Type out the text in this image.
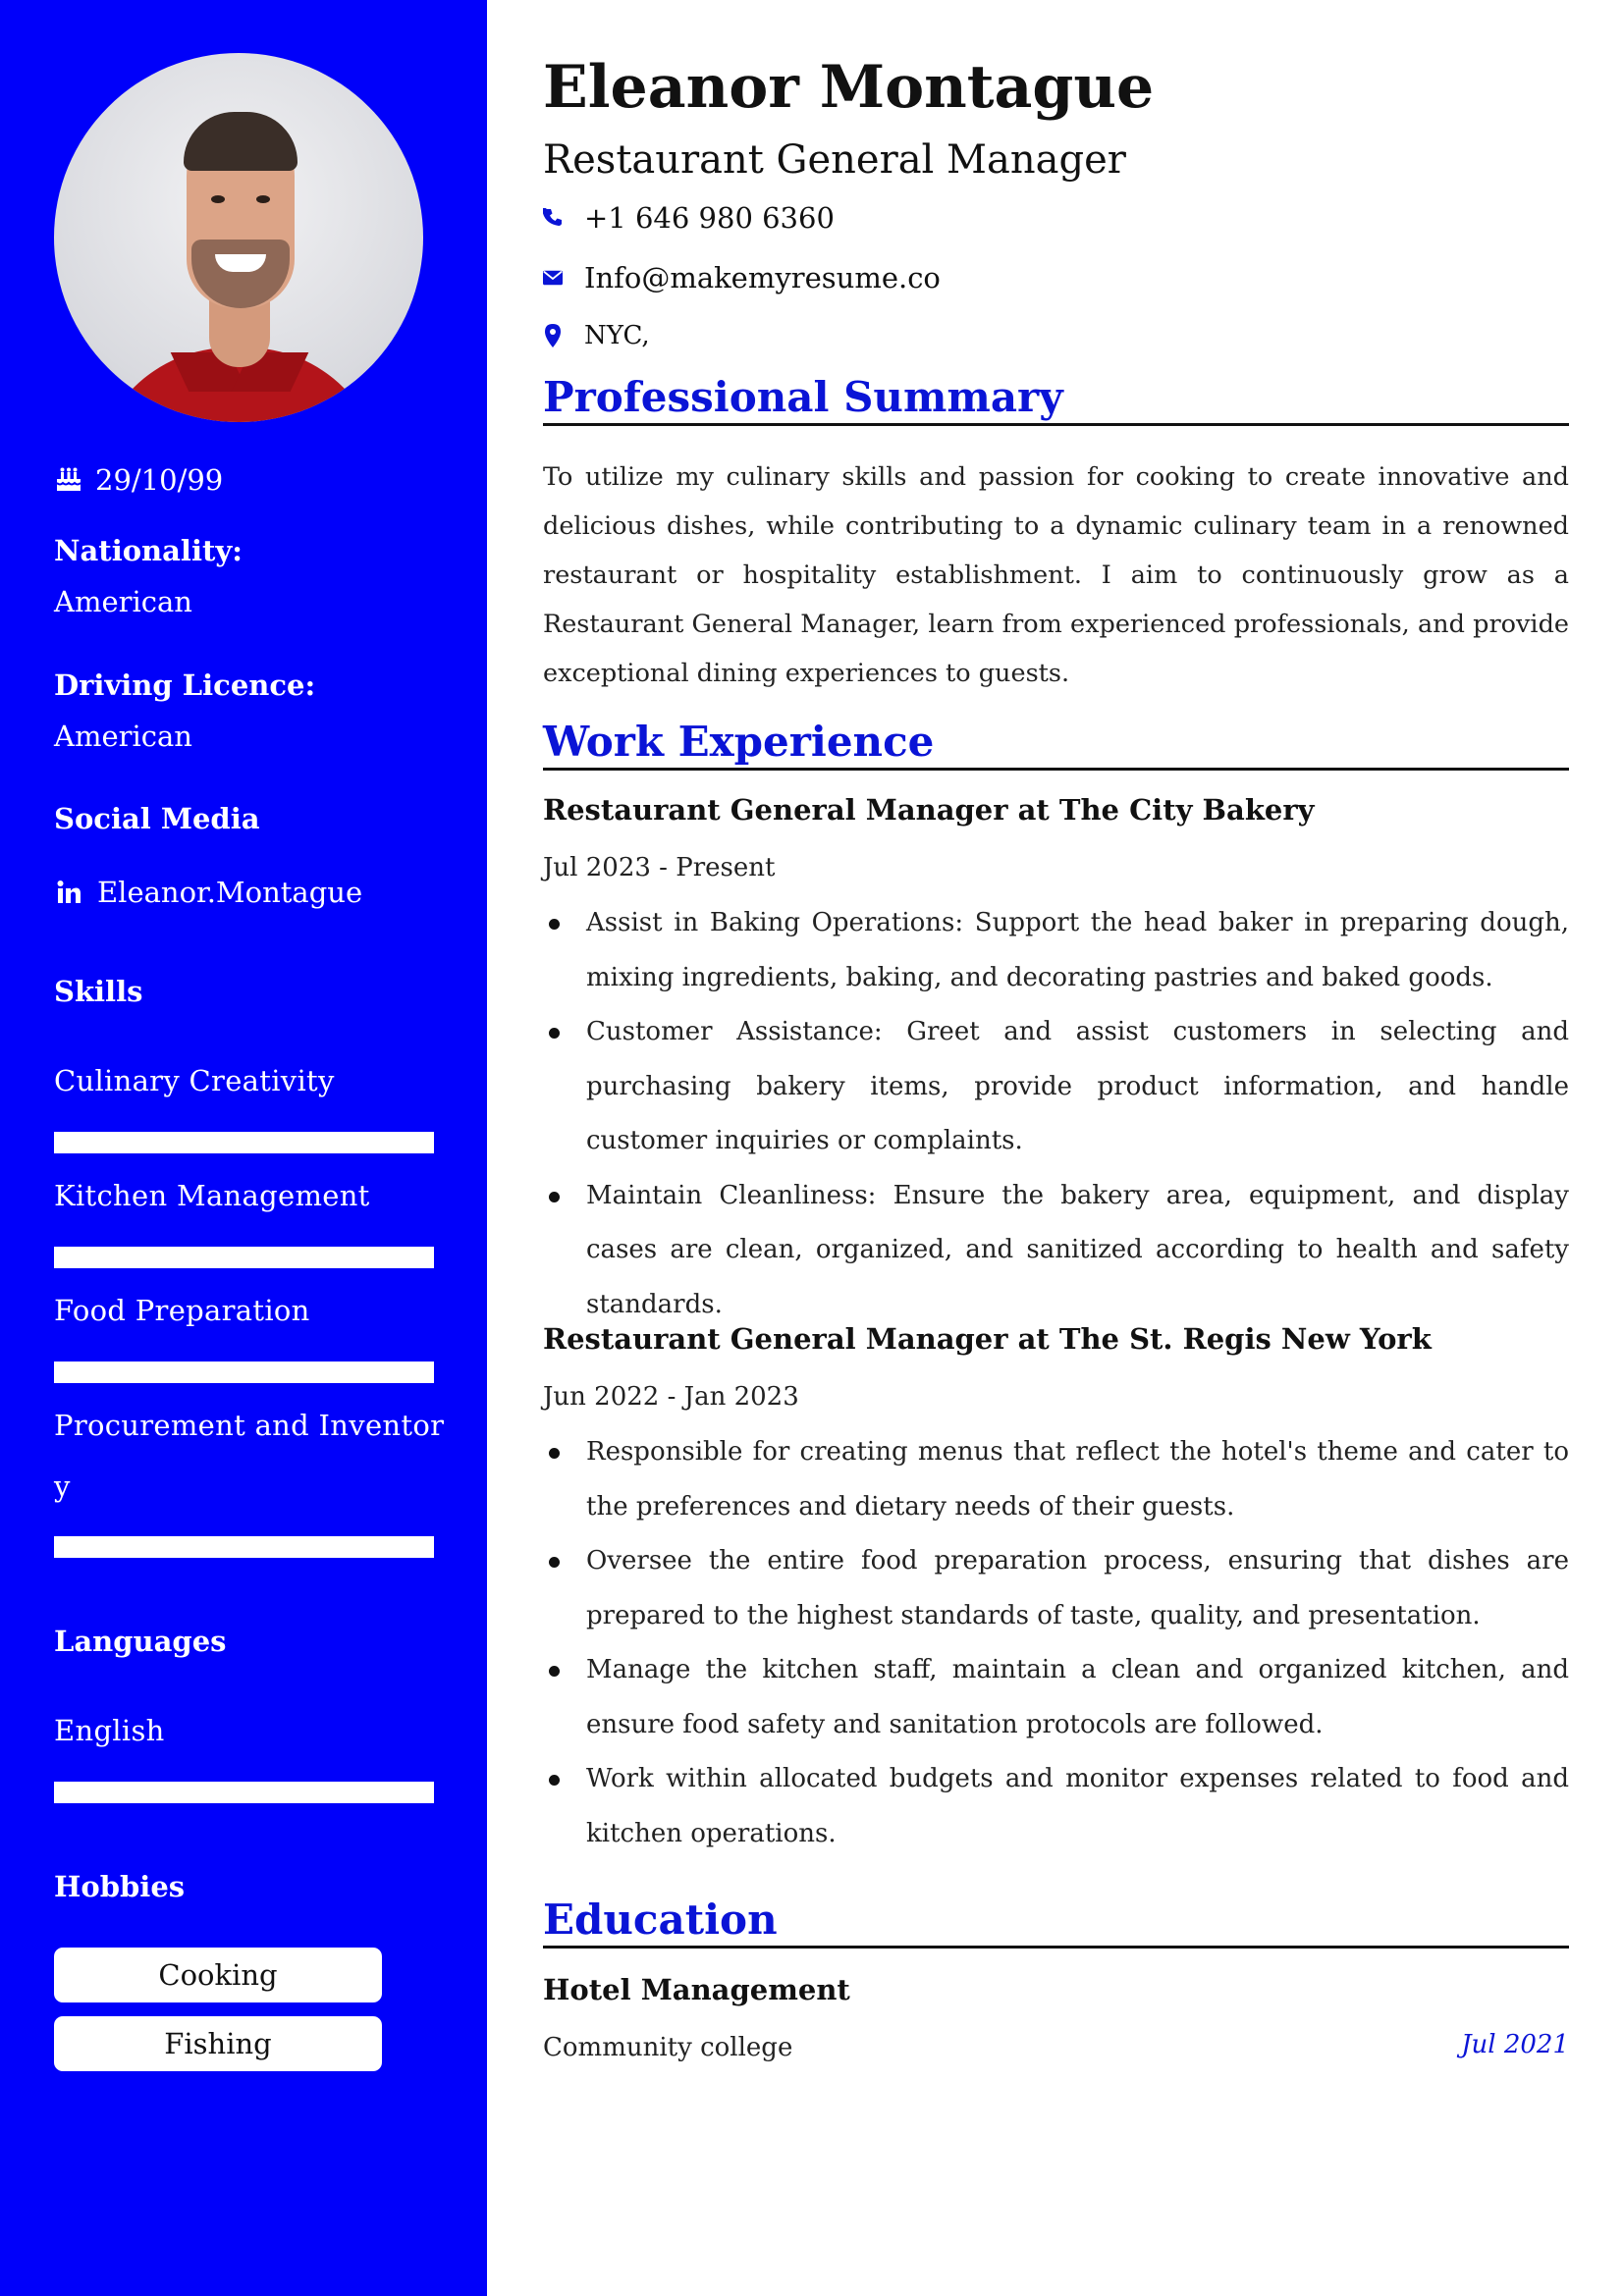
29/10/99
Nationality:
American
Driving Licence:
American
Social Media
Eleanor.Montague
Skills
Culinary Creativity
Kitchen Management
Food Preparation
Procurement and Inventor
y
Languages
English
Hobbies
Cooking
Fishing
Eleanor Montague
Restaurant General Manager
+1 646 980 6360
Info@makemyresume.co
NYC,
Professional Summary
To utilize my culinary skills and passion for cooking to create innovative and delicious dishes, while contributing to a dynamic culinary team in a renowned restaurant or hospitality establishment. I aim to continuously grow as a Restaurant General Manager, learn from experienced professionals, and provide exceptional dining experiences to guests.
Work Experience
Restaurant General Manager at The City Bakery
Jul 2023 - Present
Assist in Baking Operations: Support the head baker in preparing dough, mixing ingredients, baking, and decorating pastries and baked goods.
Customer Assistance: Greet and assist customers in selecting and purchasing bakery items, provide product information, and handle customer inquiries or complaints.
Maintain Cleanliness: Ensure the bakery area, equipment, and display cases are clean, organized, and sanitized according to health and safety standards.
Restaurant General Manager at The St. Regis New York
Jun 2022 - Jan 2023
Responsible for creating menus that reflect the hotel's theme and cater to the preferences and dietary needs of their guests.
Oversee the entire food preparation process, ensuring that dishes are prepared to the highest standards of taste, quality, and presentation.
Manage the kitchen staff, maintain a clean and organized kitchen, and ensure food safety and sanitation protocols are followed.
Work within allocated budgets and monitor expenses related to food and kitchen operations.
Education
Hotel Management
Community college	Jul 2021
